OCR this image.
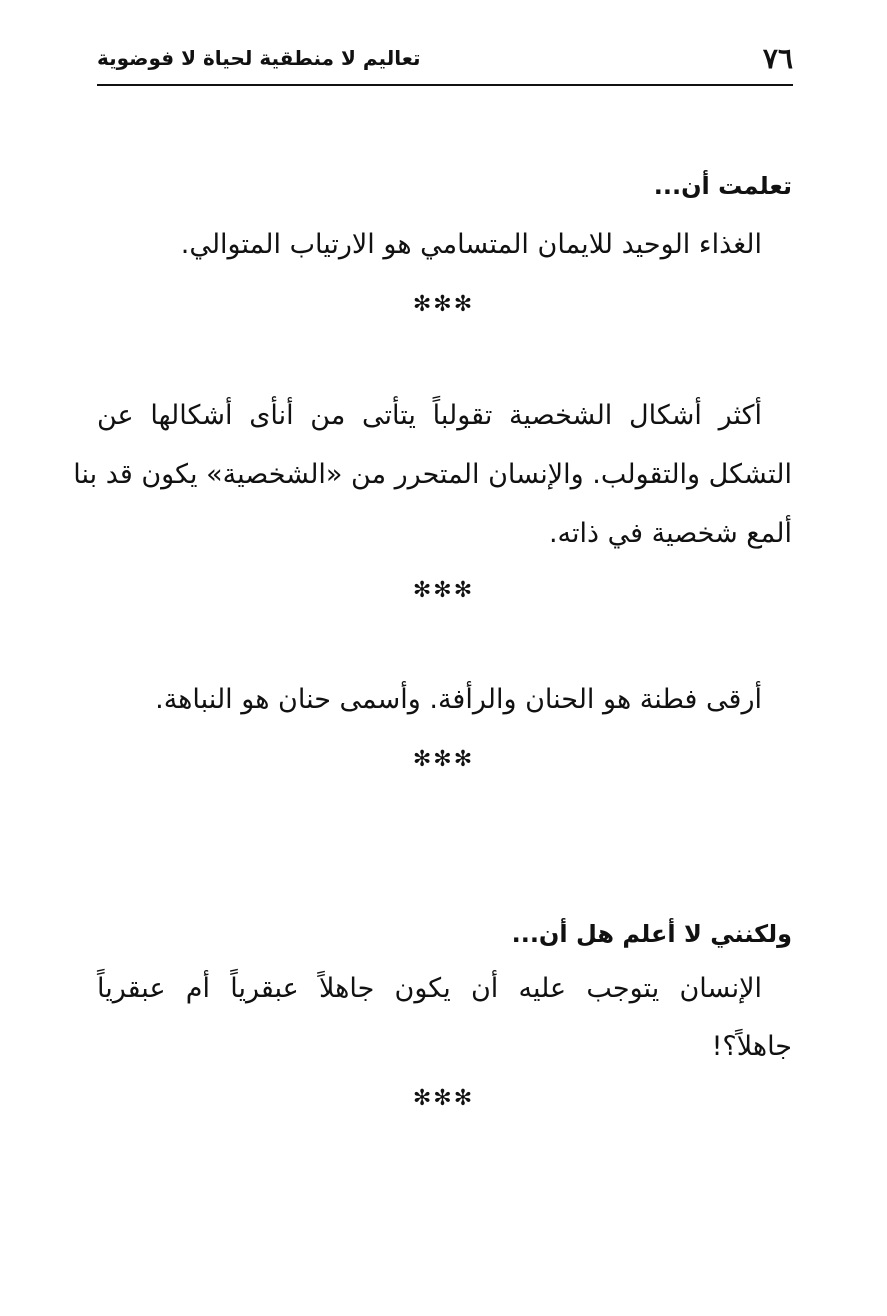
٧٦
تعاليم لا منطقية لحياة لا فوضوية
تعلمت أن...
الغذاء الوحيد للايمان المتسامي هو الارتياب المتوالي.
✻✻✻
أكثر أشكال الشخصية تقولباً يتأتى من أنأى أشكالها عن
التشكل والتقولب. والإنسان المتحرر من «الشخصية» يكون قد بنا
ألمع شخصية في ذاته.
✻✻✻
أرقى فطنة هو الحنان والرأفة. وأسمى حنان هو النباهة.
✻✻✻
ولكنني لا أعلم هل أن...
الإنسان يتوجب عليه أن يكون جاهلاً عبقرياً أم عبقرياً
جاهلاً؟!
✻✻✻
